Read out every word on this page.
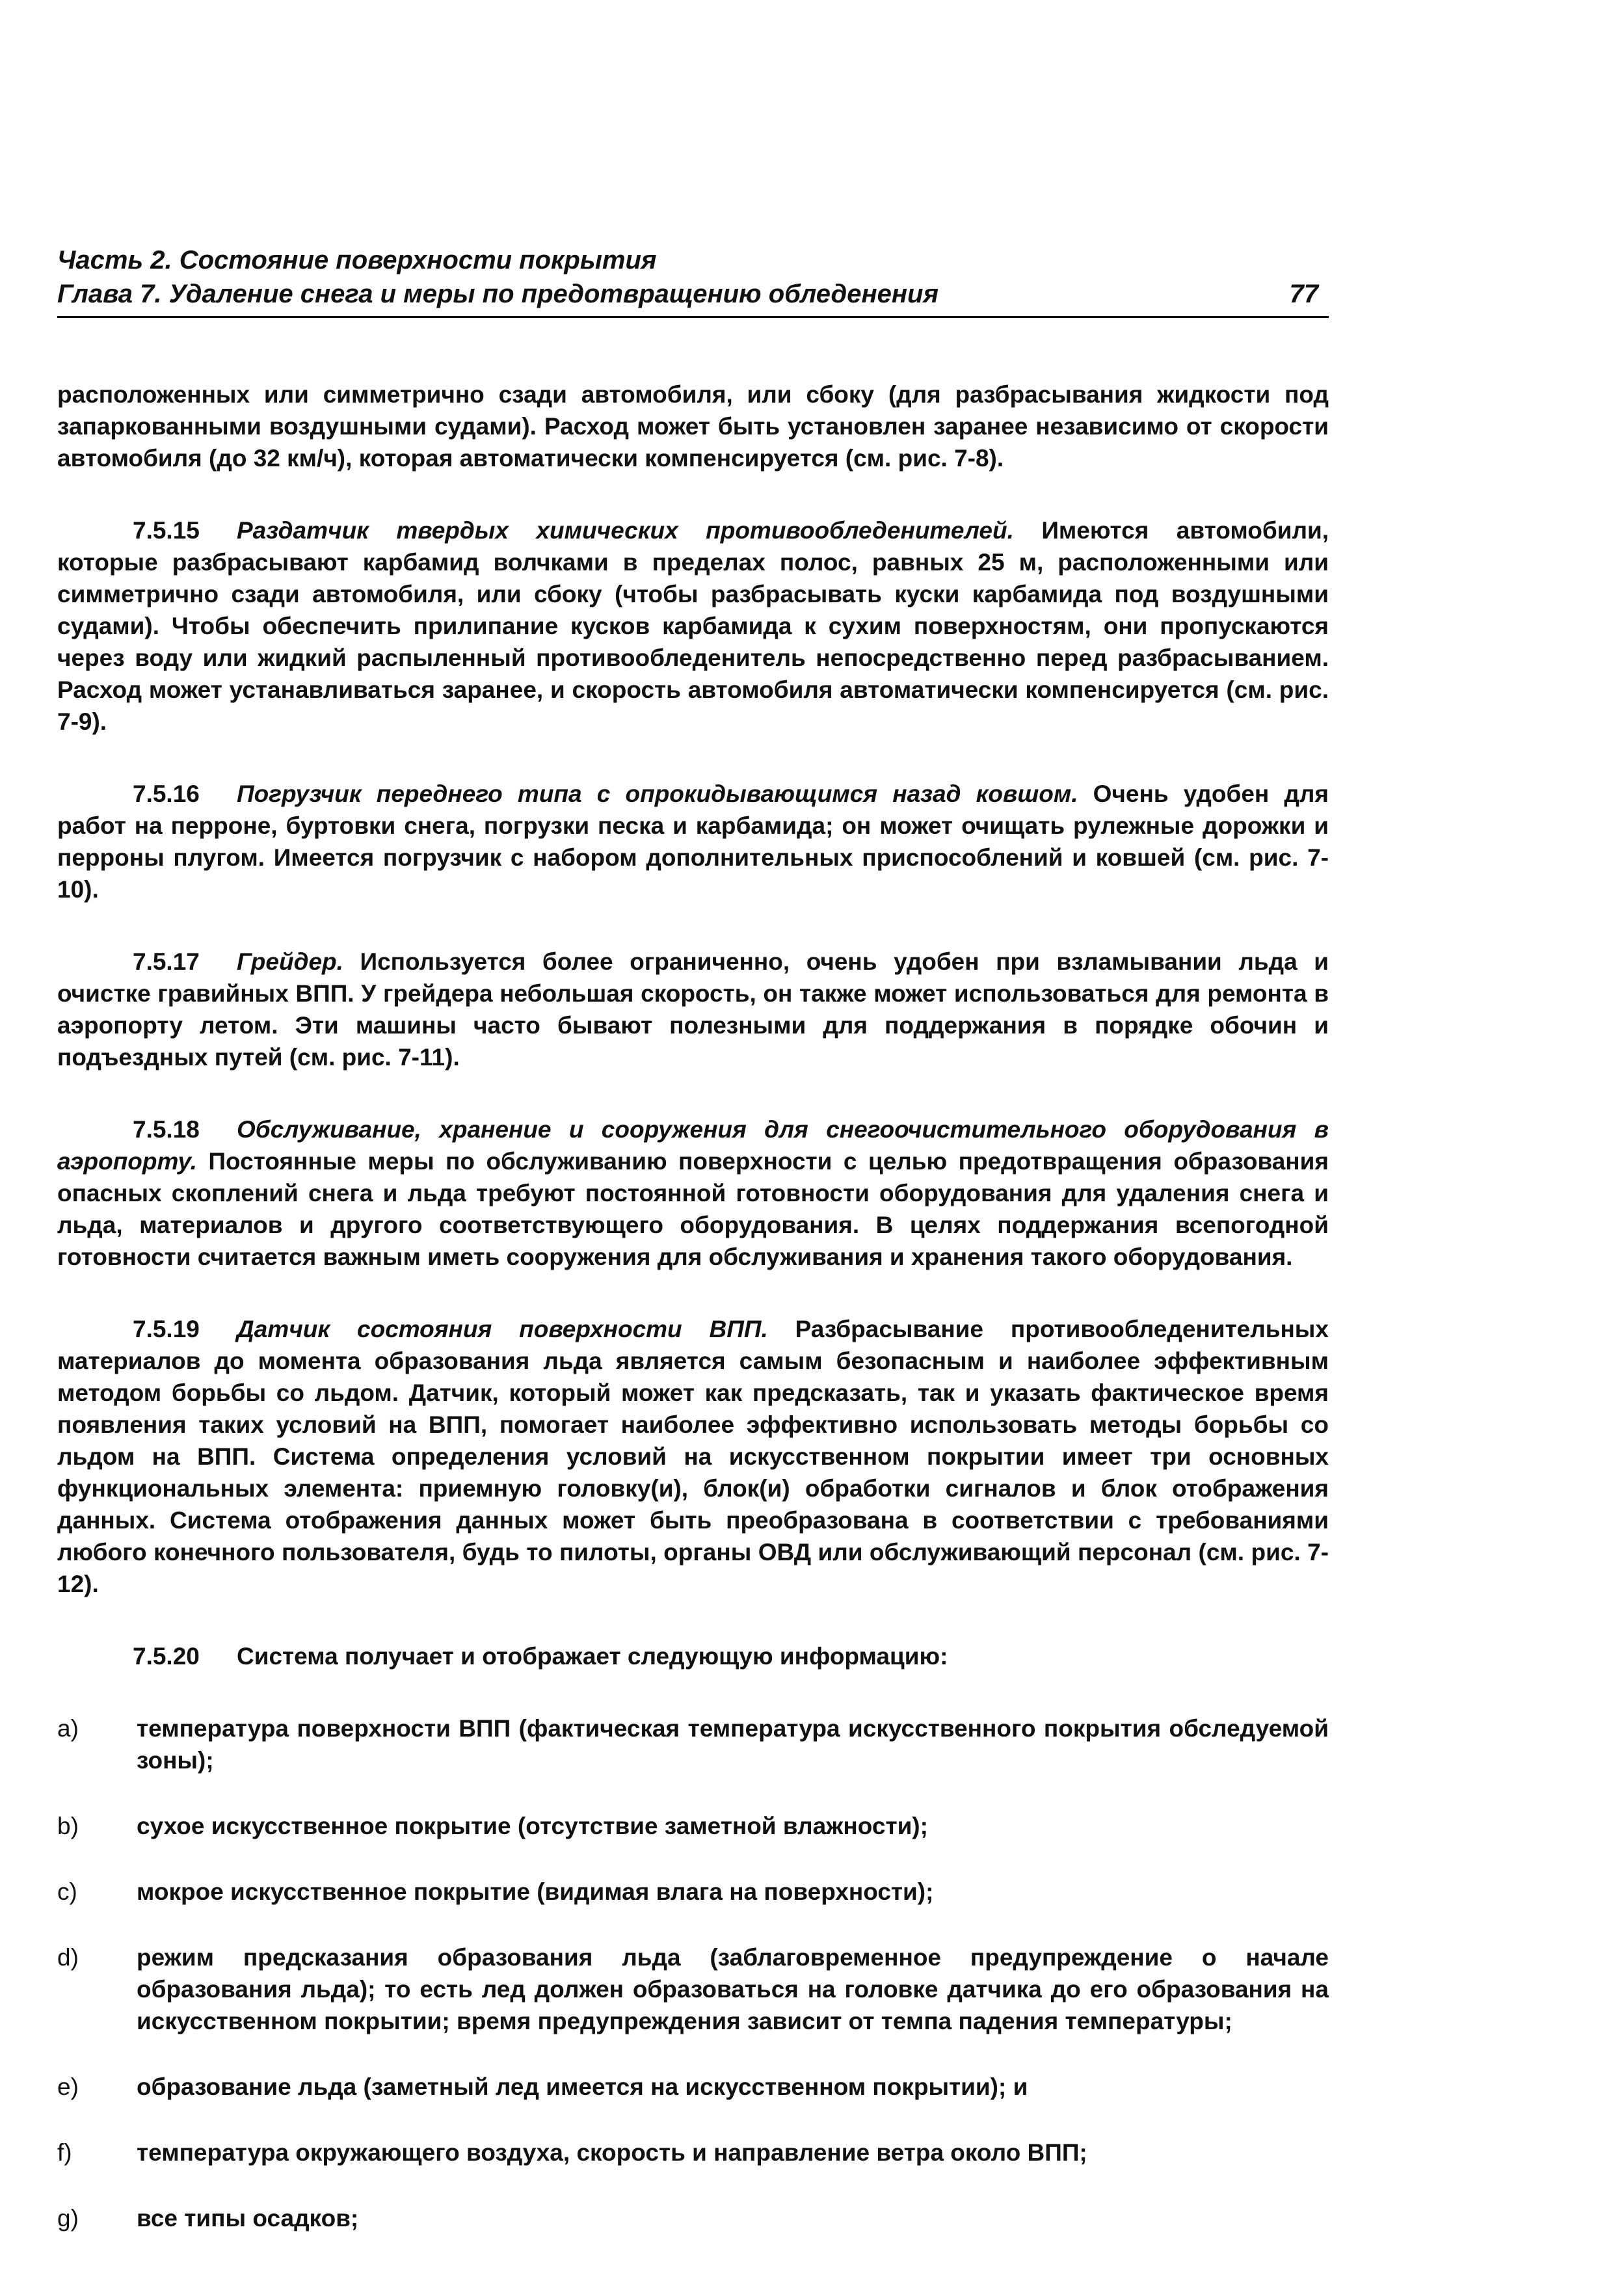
Часть 2. Состояние поверхности покрытия
Глава 7. Удаление снега и меры по предотвращению обледенения	77

расположенных или симметрично сзади автомобиля, или сбоку (для разбрасывания жидкости под запаркованными воздушными судами). Расход может быть установлен заранее независимо от скорости автомобиля (до 32 км/ч), которая автоматически компенсируется (см. рис. 7-8).

7.5.15 Раздатчик твердых химических противообледенителей. Имеются автомобили, которые разбрасывают карбамид волчками в пределах полос, равных 25 м, расположенными или симметрично сзади автомобиля, или сбоку (чтобы разбрасывать куски карбамида под воздушными судами). Чтобы обеспечить прилипание кусков карбамида к сухим поверхностям, они пропускаются через воду или жидкий распыленный противообледенитель непосредственно перед разбрасыванием. Расход может устанавливаться заранее, и скорость автомобиля автоматически компенсируется (см. рис. 7-9).

7.5.16 Погрузчик переднего типа с опрокидывающимся назад ковшом. Очень удобен для работ на перроне, буртовки снега, погрузки песка и карбамида; он может очищать рулежные дорожки и перроны плугом. Имеется погрузчик с набором дополнительных приспособлений и ковшей (см. рис. 7-10).

7.5.17 Грейдер. Используется более ограниченно, очень удобен при взламывании льда и очистке гравийных ВПП. У грейдера небольшая скорость, он также может использоваться для ремонта в аэропорту летом. Эти машины часто бывают полезными для поддержания в порядке обочин и подъездных путей (см. рис. 7-11).

7.5.18 Обслуживание, хранение и сооружения для снегоочистительного оборудования в аэропорту. Постоянные меры по обслуживанию поверхности с целью предотвращения образования опасных скоплений снега и льда требуют постоянной готовности оборудования для удаления снега и льда, материалов и другого соответствующего оборудования. В целях поддержания всепогодной готовности считается важным иметь сооружения для обслуживания и хранения такого оборудования.

7.5.19 Датчик состояния поверхности ВПП. Разбрасывание противообледенительных материалов до момента образования льда является самым безопасным и наиболее эффективным методом борьбы со льдом. Датчик, который может как предсказать, так и указать фактическое время появления таких условий на ВПП, помогает наиболее эффективно использовать методы борьбы со льдом на ВПП. Система определения условий на искусственном покрытии имеет три основных функциональных элемента: приемную головку(и), блок(и) обработки сигналов и блок отображения данных. Система отображения данных может быть преобразована в соответствии с требованиями любого конечного пользователя, будь то пилоты, органы ОВД или обслуживающий персонал (см. рис. 7-12).

7.5.20 Система получает и отображает следующую информацию:

a) температура поверхности ВПП (фактическая температура искусственного покрытия обследуемой зоны);
b) сухое искусственное покрытие (отсутствие заметной влажности);
c) мокрое искусственное покрытие (видимая влага на поверхности);
d) режим предсказания образования льда (заблаговременное предупреждение о начале образования льда); то есть лед должен образоваться на головке датчика до его образования на искусственном покрытии; время предупреждения зависит от темпа падения температуры;
e) образование льда (заметный лед имеется на искусственном покрытии); и
f)	температура окружающего воздуха, скорость и направление ветра около ВПП;
g) все типы осадков;
